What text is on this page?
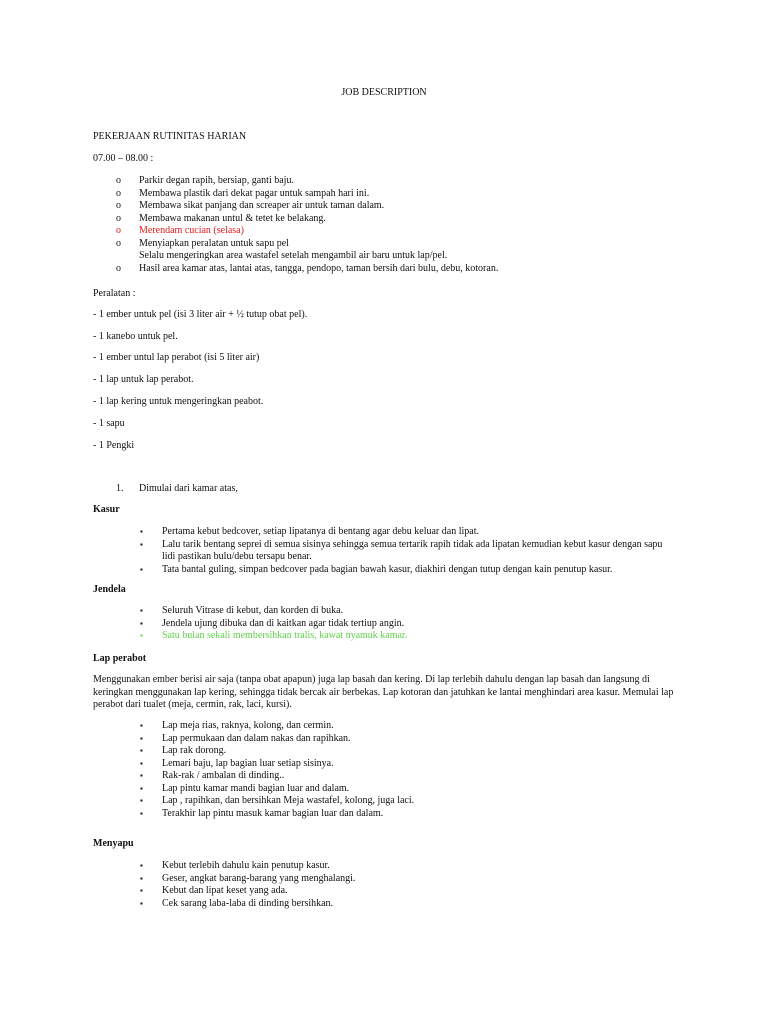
JOB DESCRIPTION
PEKERJAAN RUTINITAS HARIAN
07.00 – 08.00 :
o Parkir degan rapih, bersiap, ganti baju.
o Membawa plastik dari dekat pagar untuk sampah hari ini.
o Membawa sikat panjang dan screaper air untuk taman dalam.
o Membawa makanan untul & tetet ke belakang.
o Merendam cucian (selasa)
o Menyiapkan peralatan untuk sapu pel
Selalu mengeringkan area wastafel setelah mengambil air baru untuk lap/pel.
o Hasil area kamar atas, lantai atas, tangga, pendopo, taman bersih dari bulu, debu, kotoran.
Peralatan :
- 1 ember untuk pel (isi 3 liter air + ½ tutup obat pel).
- 1 kanebo untuk pel.
- 1 ember untul lap perabot (isi 5 liter air)
- 1 lap untuk lap perabot.
- 1 lap kering untuk mengeringkan peabot.
- 1 sapu
- 1 Pengki
1. Dimulai dari kamar atas,
Kasur
▪ Pertama kebut bedcover, setiap lipatanya di bentang agar debu keluar dan lipat.
▪ Lalu tarik bentang seprei di semua sisinya sehingga semua tertarik rapih tidak ada lipatan kemudian kebut kasur dengan sapu lidi pastikan bulu/debu tersapu benar.
▪ Tata bantal guling, simpan bedcover pada bagian bawah kasur, diakhiri dengan tutup dengan kain penutup kasur.
Jendela
▪ Seluruh Vitrase di kebut, dan korden di buka.
▪ Jendela ujung dibuka dan di kaitkan agar tidak tertiup angin.
▪ Satu bulan sekali membersihkan tralis, kawat nyamuk kamar.
Lap perabot
Menggunakan ember berisi air saja (tanpa obat apapun) juga lap basah dan kering. Di lap terlebih dahulu dengan lap basah dan langsung di keringkan menggunakan lap kering, sehingga tidak bercak air berbekas. Lap kotoran dan jatuhkan ke lantai menghindari area kasur. Memulai lap perabot dari tualet (meja, cermin, rak, laci, kursi).
▪ Lap meja rias, raknya, kolong, dan cermin.
▪ Lap permukaan dan dalam nakas dan rapihkan.
▪ Lap rak dorong.
▪ Lemari baju, lap bagian luar setiap sisinya.
▪ Rak-rak / ambalan di dinding..
▪ Lap pintu kamar mandi bagian luar and dalam.
▪ Lap , rapihkan, dan bersihkan Meja wastafel, kolong, juga laci.
▪ Terakhir lap pintu masuk kamar bagian luar dan dalam.
Menyapu
▪ Kebut terlebih dahulu kain penutup kasur.
▪ Geser, angkat barang-barang yang menghalangi.
▪ Kebut dan lipat keset yang ada.
▪ Cek sarang laba-laba di dinding bersihkan.
